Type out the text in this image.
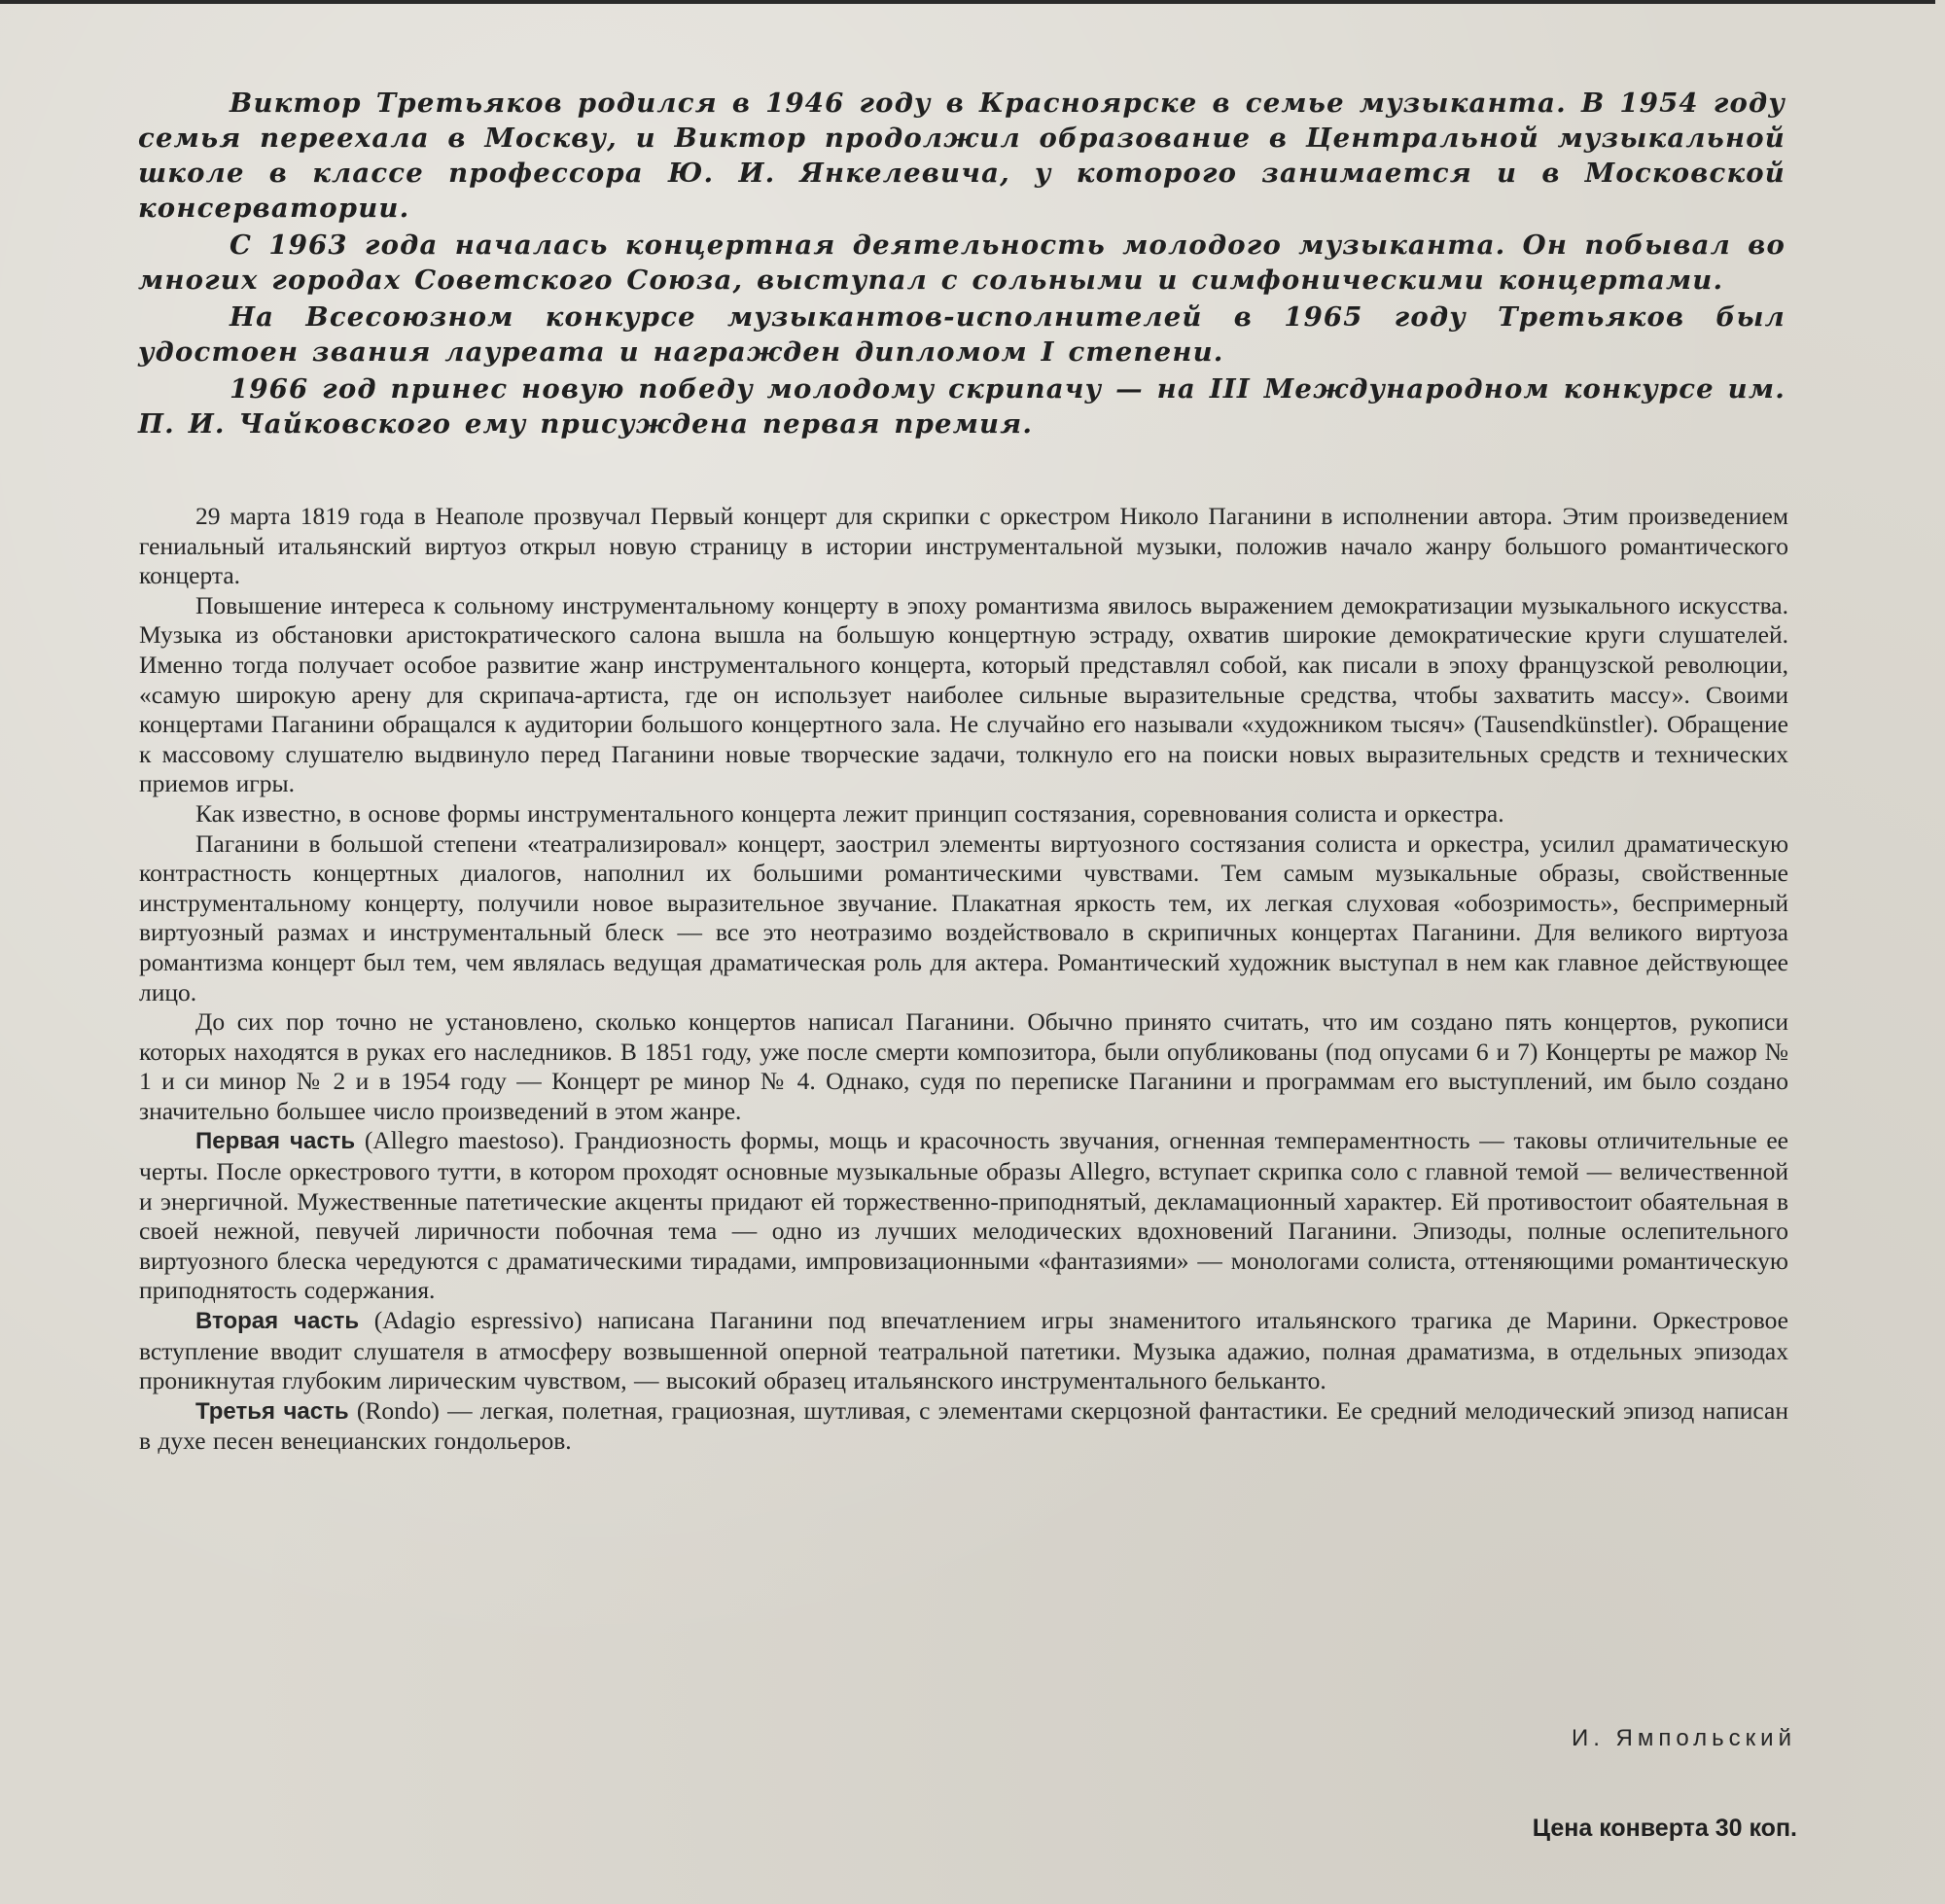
Виктор Третьяков родился в 1946 году в Красноярске в семье музыканта. В 1954 году семья переехала в Москву, и Виктор продолжил образование в Центральной музыкальной школе в классе профессора Ю. И. Янкелевича, у которого занимается и в Московской консерватории.

С 1963 года началась концертная деятельность молодого музыканта. Он побывал во многих городах Советского Союза, выступал с сольными и симфоническими концертами.

На Всесоюзном конкурсе музыкантов-исполнителей в 1965 году Третьяков был удостоен звания лауреата и награжден дипломом I степени.

1966 год принес новую победу молодому скрипачу — на III Международном конкурсе им. П. И. Чайковского ему присуждена первая премия.

29 марта 1819 года в Неаполе прозвучал Первый концерт для скрипки с оркестром Николо Паганини в исполнении автора. Этим произведением гениальный итальянский виртуоз открыл новую страницу в истории инструментальной музыки, положив начало жанру большого романтического концерта.

Повышение интереса к сольному инструментальному концерту в эпоху романтизма явилось выражением демократизации музыкального искусства. Музыка из обстановки аристократического салона вышла на большую концертную эстраду, охватив широкие демократические круги слушателей. Именно тогда получает особое развитие жанр инструментального концерта, который представлял собой, как писали в эпоху французской революции, «самую широкую арену для скрипача-артиста, где он использует наиболее сильные выразительные средства, чтобы захватить массу». Своими концертами Паганини обращался к аудитории большого концертного зала. Не случайно его называли «художником тысяч» (Tausendkünstler). Обращение к массовому слушателю выдвинуло перед Паганини новые творческие задачи, толкнуло его на поиски новых выразительных средств и технических приемов игры.

Как известно, в основе формы инструментального концерта лежит принцип состязания, соревнования солиста и оркестра.

Паганини в большой степени «театрализировал» концерт, заострил элементы виртуозного состязания солиста и оркестра, усилил драматическую контрастность концертных диалогов, наполнил их большими романтическими чувствами. Тем самым музыкальные образы, свойственные инструментальному концерту, получили новое выразительное звучание. Плакатная яркость тем, их легкая слуховая «обозримость», беспримерный виртуозный размах и инструментальный блеск — все это неотразимо воздействовало в скрипичных концертах Паганини. Для великого виртуоза романтизма концерт был тем, чем являлась ведущая драматическая роль для актера. Романтический художник выступал в нем как главное действующее лицо.

До сих пор точно не установлено, сколько концертов написал Паганини. Обычно принято считать, что им создано пять концертов, рукописи которых находятся в руках его наследников. В 1851 году, уже после смерти композитора, были опубликованы (под опусами 6 и 7) Концерты ре мажор № 1 и си минор № 2 и в 1954 году — Концерт ре минор № 4. Однако, судя по переписке Паганини и программам его выступлений, им было создано значительно большее число произведений в этом жанре.

Первая часть (Allegro maestoso). Грандиозность формы, мощь и красочность звучания, огненная темпераментность — таковы отличительные ее черты. После оркестрового тутти, в котором проходят основные музыкальные образы Allegro, вступает скрипка соло с главной темой — величественной и энергичной. Мужественные патетические акценты придают ей торжественно-приподнятый, декламационный характер. Ей противостоит обаятельная в своей нежной, певучей лиричности побочная тема — одно из лучших мелодических вдохновений Паганини. Эпизоды, полные ослепительного виртуозного блеска чередуются с драматическими тирадами, импровизационными «фантазиями» — монологами солиста, оттеняющими романтическую приподнятость содержания.

Вторая часть (Adagio espressivo) написана Паганини под впечатлением игры знаменитого итальянского трагика де Марини. Оркестровое вступление вводит слушателя в атмосферу возвышенной оперной театральной патетики. Музыка адажио, полная драматизма, в отдельных эпизодах проникнутая глубоким лирическим чувством, — высокий образец итальянского инструментального бельканто.

Третья часть (Rondo) — легкая, полетная, грациозная, шутливая, с элементами скерцозной фантастики. Ее средний мелодический эпизод написан в духе песен венецианских гондольеров.

И. Ямпольский
Цена конверта 30 коп.
